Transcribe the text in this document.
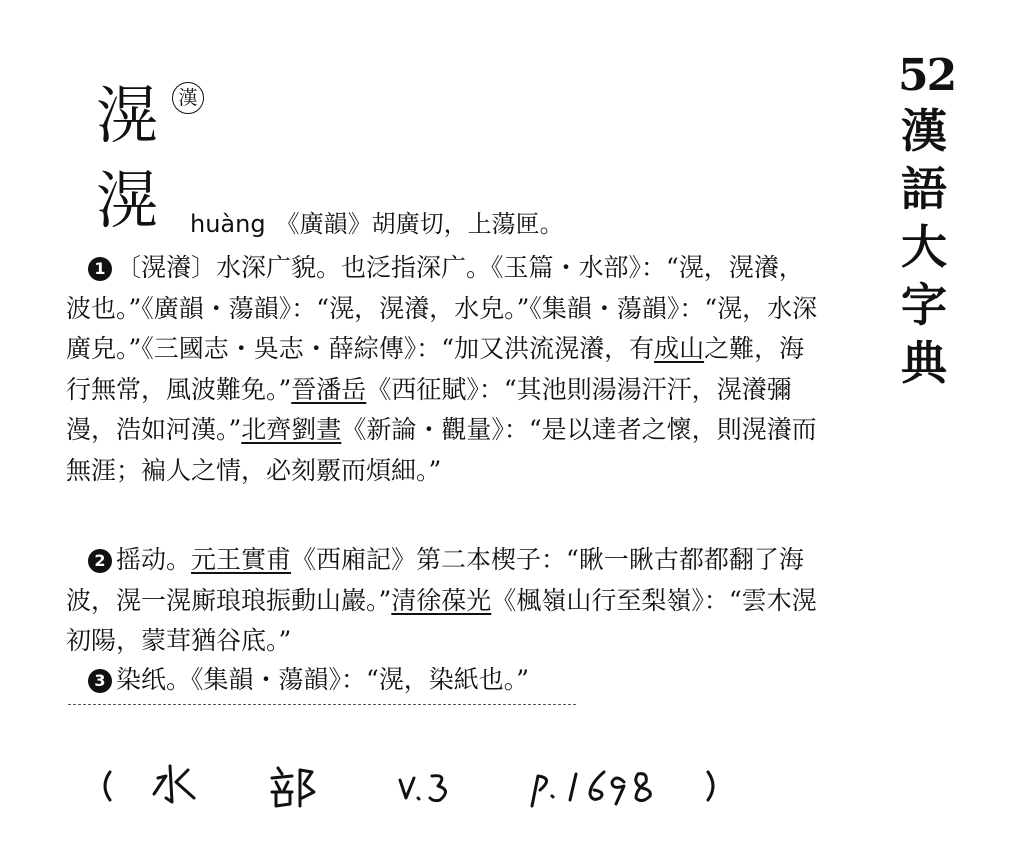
52
漢
語
大
字
典
滉	漢
滉 huàng 《廣韻》胡廣切，上蕩匣。
1 〔滉瀁〕水深广貌。也泛指深广。《玉篇・水部》：“滉，滉瀁，波也。”《廣韻・蕩韻》：“滉，滉瀁，水皃。”《集韻・蕩韻》：“滉，水深廣皃。”《三國志・吳志・薛綜傳》：“加又洪流滉瀁，有成山之難，海行無常，風波難免。”晉潘岳《西征賦》：“其池則湯湯汗汗，滉瀁彌漫，浩如河漢。”北齊劉晝《新論・觀量》：“是以達者之懷，則滉瀁而無涯；褊人之情，必刻覈而煩細。”
2 摇动。元王實甫《西廂記》第二本楔子：“瞅一瞅古都都翻了海波，滉一滉廝琅琅振動山巖。”清徐葆光《楓嶺山行至梨嶺》：“雲木滉初陽，蒙茸猶谷底。”
3 染纸。《集韻・蕩韻》：“滉，染紙也。”
